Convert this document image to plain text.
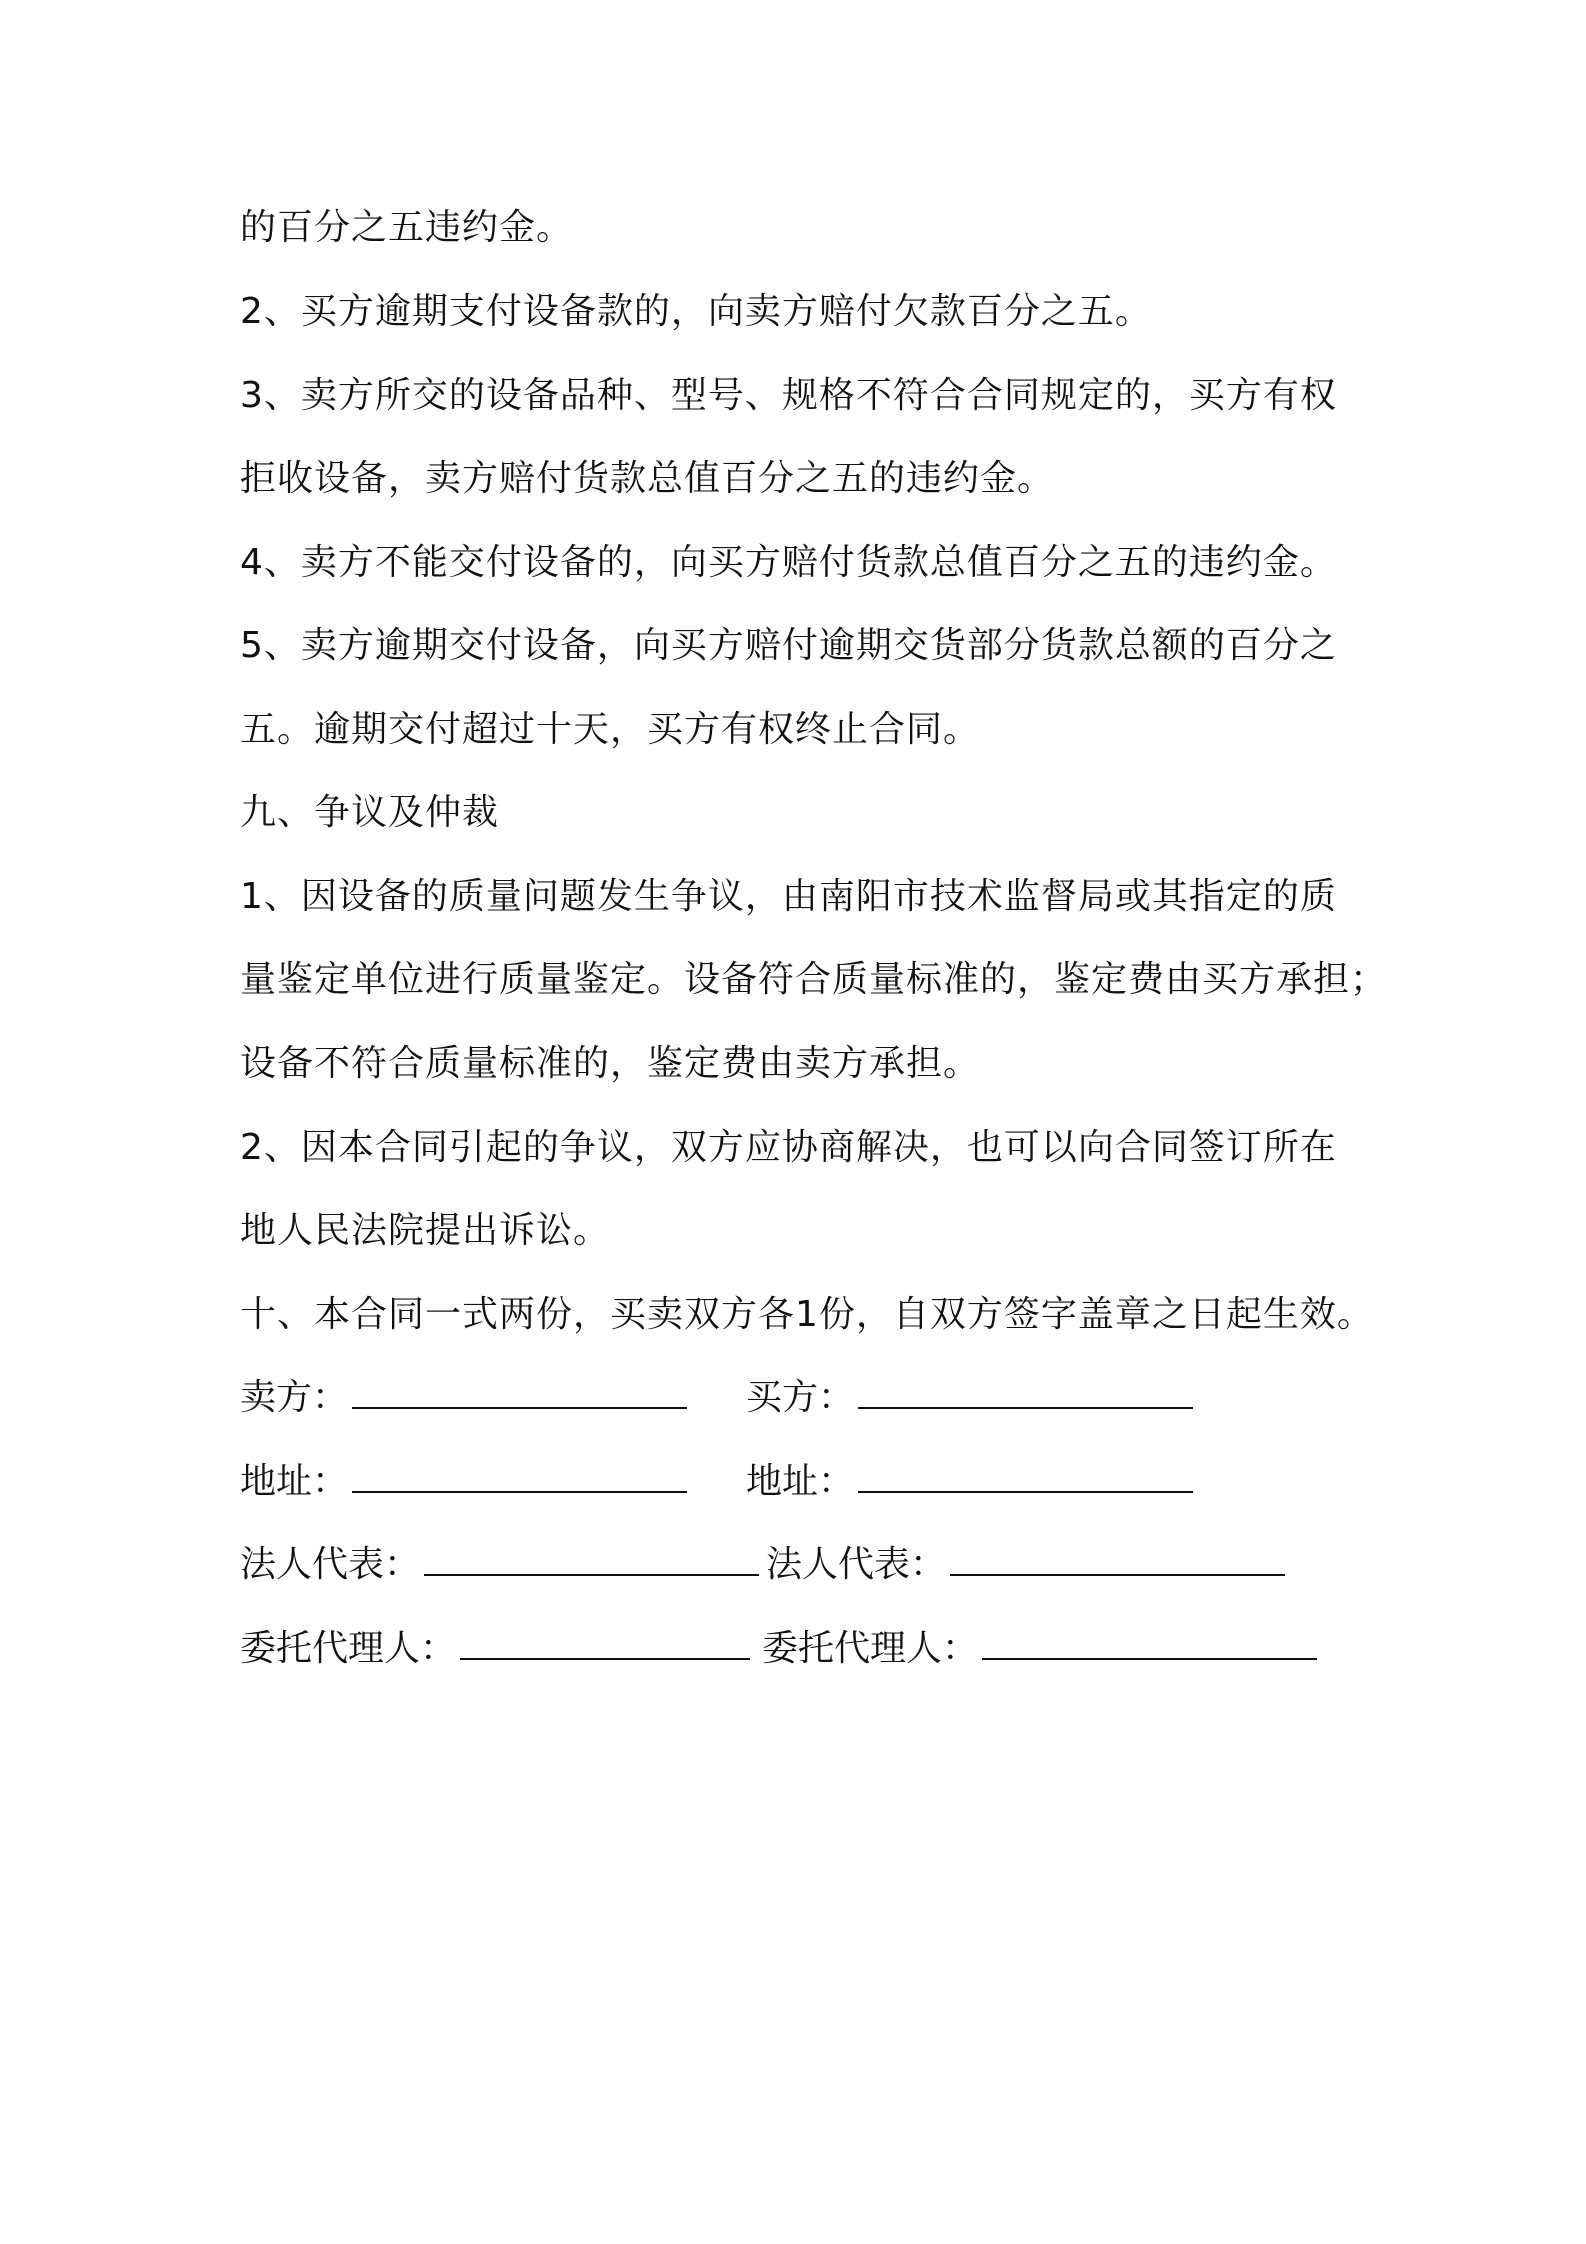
的百分之五违约金。
2、买方逾期支付设备款的，向卖方赔付欠款百分之五。
3、卖方所交的设备品种、型号、规格不符合合同规定的，买方有权
拒收设备，卖方赔付货款总值百分之五的违约金。
4、卖方不能交付设备的，向买方赔付货款总值百分之五的违约金。
5、卖方逾期交付设备，向买方赔付逾期交货部分货款总额的百分之
五。逾期交付超过十天，买方有权终止合同。
九、争议及仲裁
1、因设备的质量问题发生争议，由南阳市技术监督局或其指定的质
量鉴定单位进行质量鉴定。设备符合质量标准的，鉴定费由买方承担；
设备不符合质量标准的，鉴定费由卖方承担。
2、因本合同引起的争议，双方应协商解决，也可以向合同签订所在
地人民法院提出诉讼。
十、本合同一式两份，买卖双方各1份，自双方签字盖章之日起生效。
卖方：	买方：
地址：	地址：
法人代表：	法人代表：
委托代理人：	委托代理人：
